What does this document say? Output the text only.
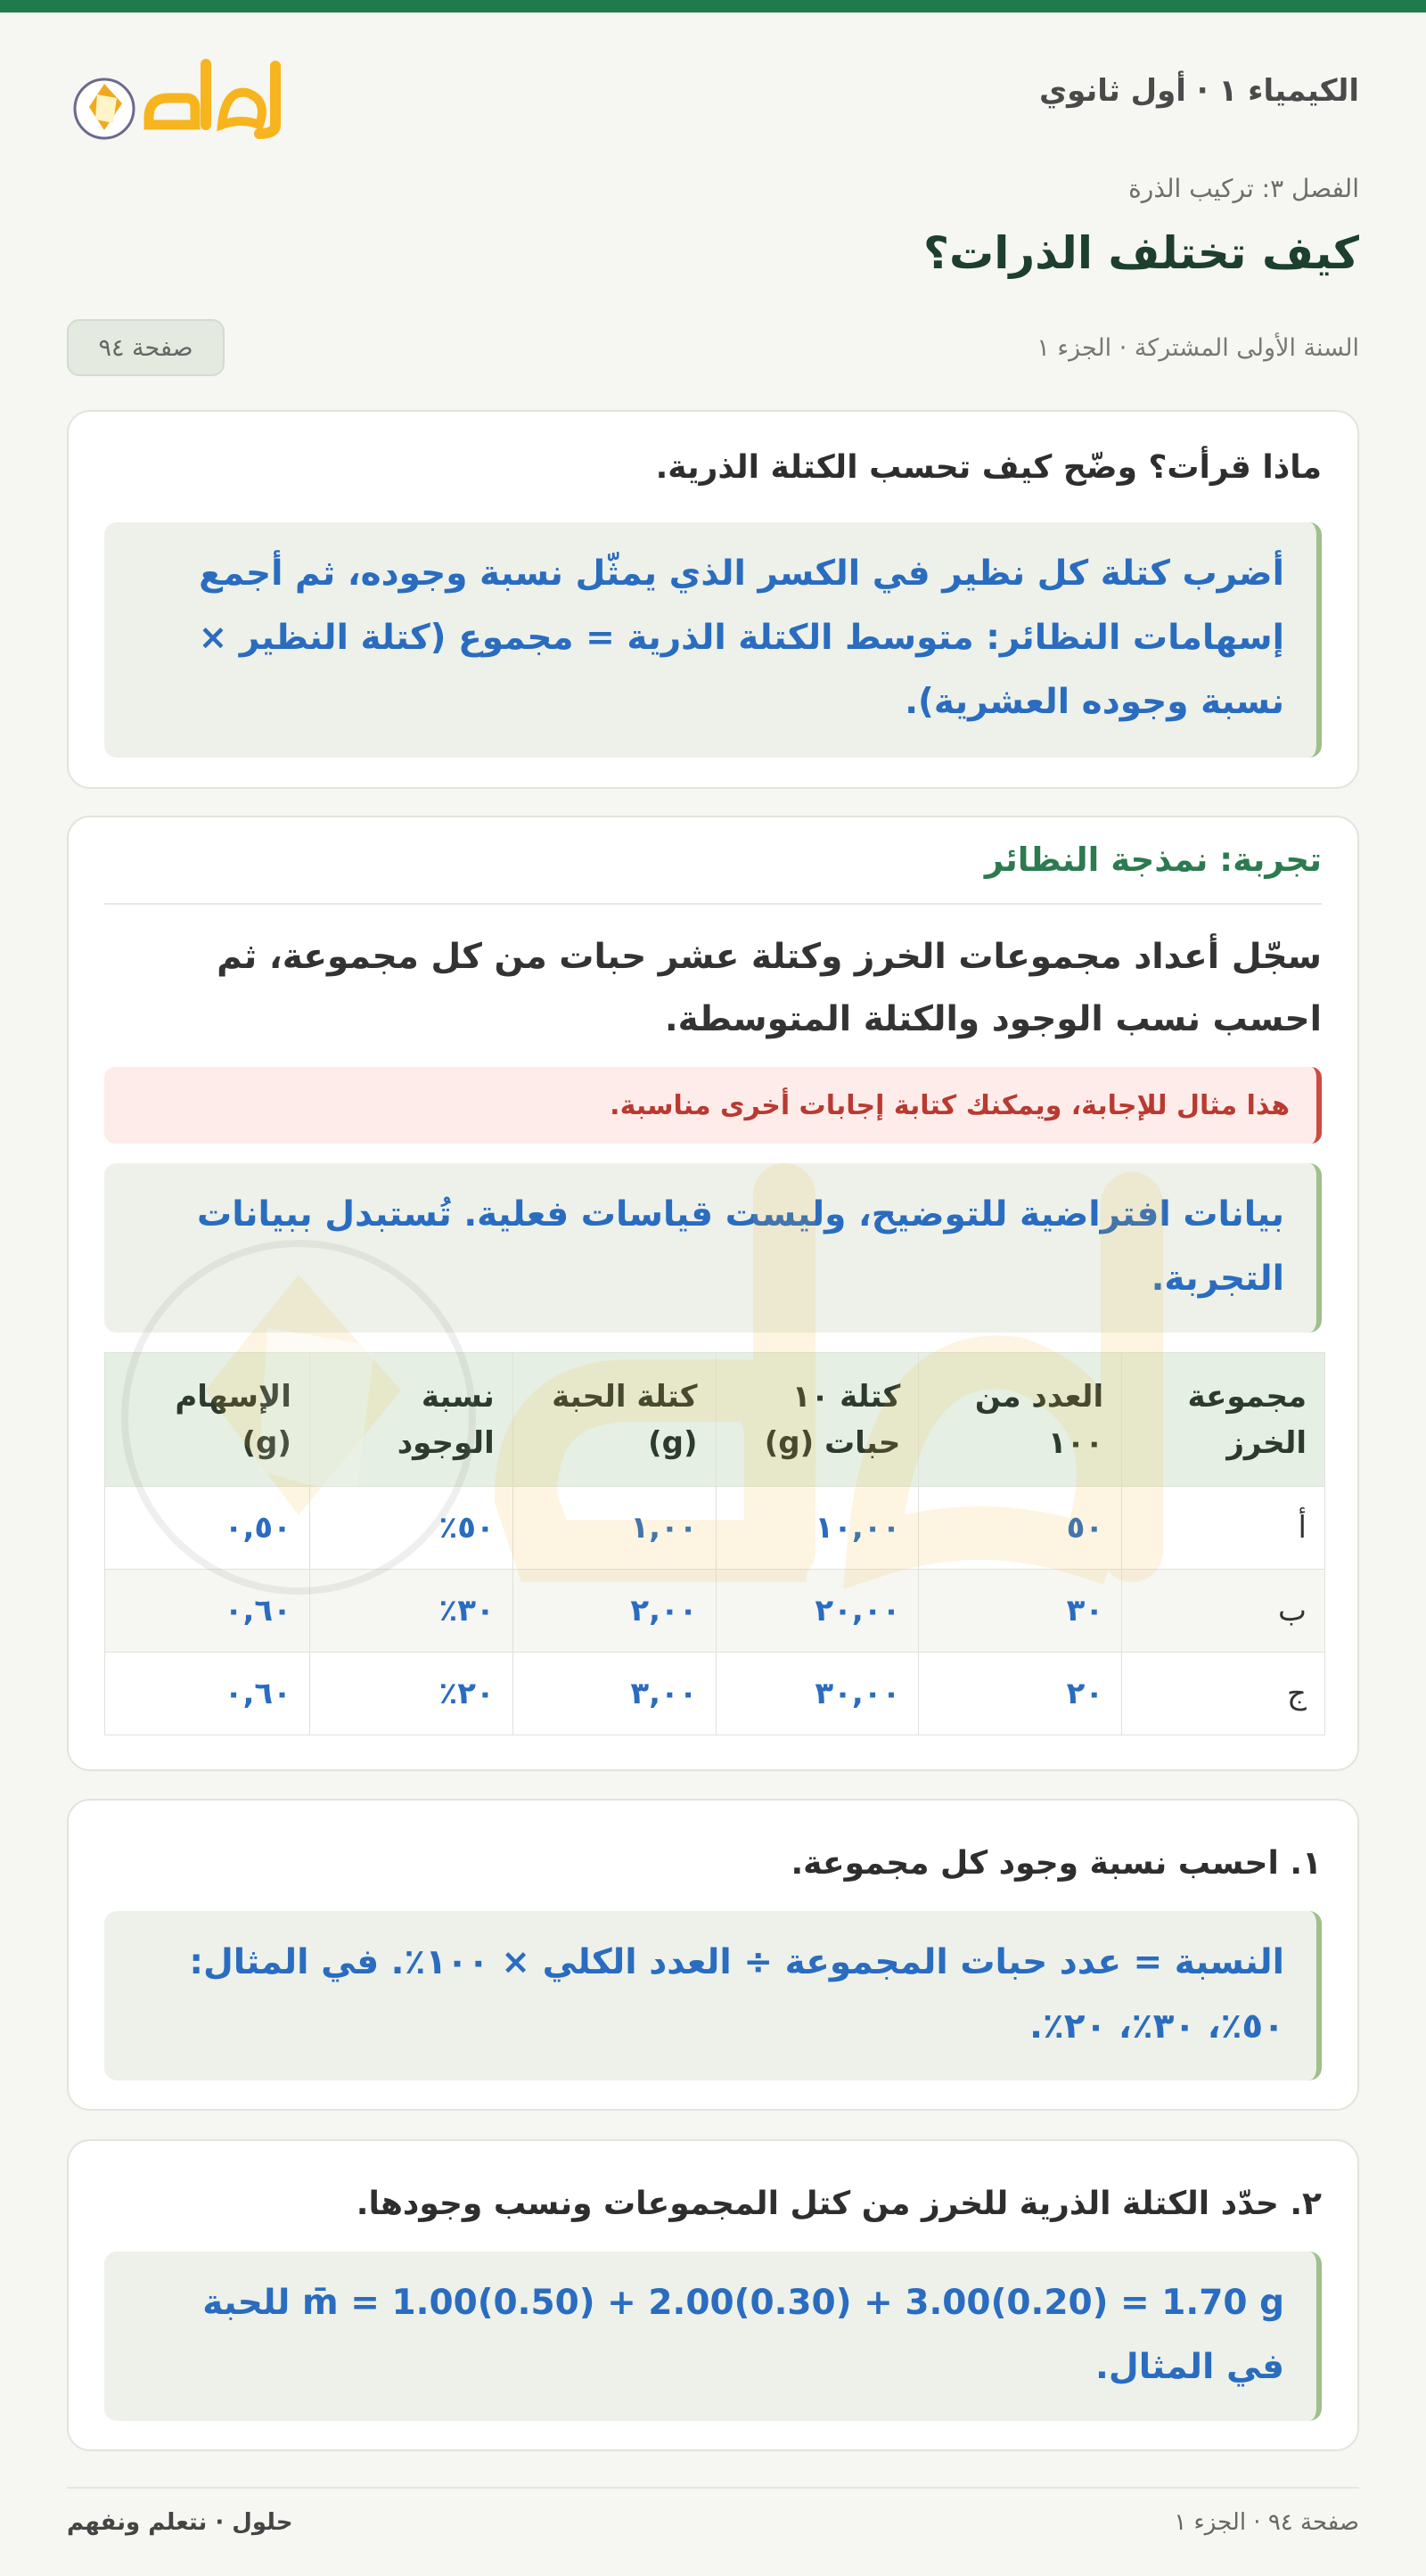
الكيمياء ١ · أول ثانوي
الفصل ٣: تركيب الذرة
كيف تختلف الذرات؟
السنة الأولى المشتركة · الجزء ١
صفحة ٩٤
ماذا قرأت؟ وضّح كيف تحسب الكتلة الذرية.
أضرب كتلة كل نظير في الكسر الذي يمثّل نسبة وجوده، ثم أجمع إسهامات النظائر: متوسط الكتلة الذرية = مجموع (كتلة النظير × نسبة وجوده العشرية).
تجربة: نمذجة النظائر
سجّل أعداد مجموعات الخرز وكتلة عشر حبات من كل مجموعة، ثم احسب نسب الوجود والكتلة المتوسطة.
هذا مثال للإجابة، ويمكنك كتابة إجابات أخرى مناسبة.
بيانات افتراضية للتوضيح، وليست قياسات فعلية. تُستبدل ببيانات التجربة.
مجموعة الخرز	العدد من ١٠٠	كتلة ١٠ حبات (g)	كتلة الحبة (g)	نسبة الوجود	الإسهام (g)
أ	٥٠	١٠,٠٠	١,٠٠	٥٠٪	٠,٥٠
ب	٣٠	٢٠,٠٠	٢,٠٠	٣٠٪	٠,٦٠
ج	٢٠	٣٠,٠٠	٣,٠٠	٢٠٪	٠,٦٠
١. احسب نسبة وجود كل مجموعة.
النسبة = عدد حبات المجموعة ÷ العدد الكلي × ١٠٠٪. في المثال: ٥٠٪، ٣٠٪، ٢٠٪.
٢. حدّد الكتلة الذرية للخرز من كتل المجموعات ونسب وجودها.
m̄ = 1.00(0.50) + 2.00(0.30) + 3.00(0.20) = 1.70 g للحبة في المثال.
صفحة ٩٤ · الجزء ١
حلول · نتعلم ونفهم
